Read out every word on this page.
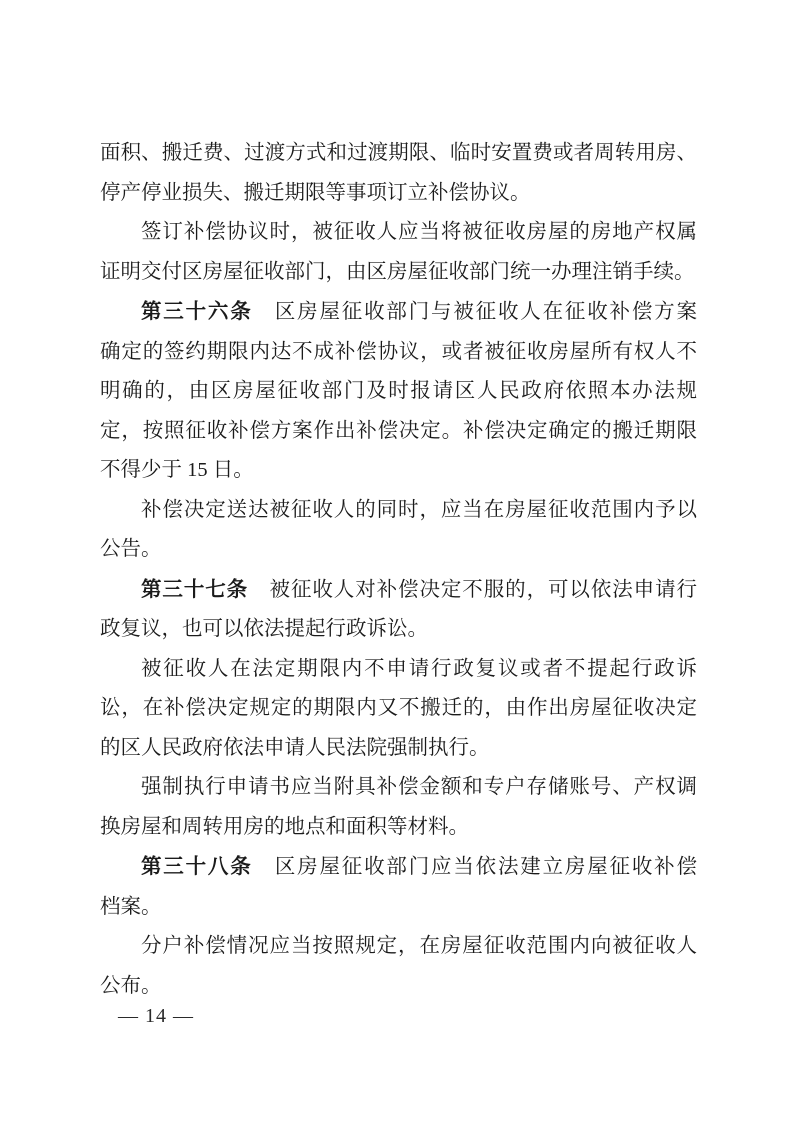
面积、搬迁费、过渡方式和过渡期限、临时安置费或者周转用房、
停产停业损失、搬迁期限等事项订立补偿协议。
签订补偿协议时，被征收人应当将被征收房屋的房地产权属
证明交付区房屋征收部门，由区房屋征收部门统一办理注销手续。
第三十六条　区房屋征收部门与被征收人在征收补偿方案
确定的签约期限内达不成补偿协议，或者被征收房屋所有权人不
明确的，由区房屋征收部门及时报请区人民政府依照本办法规
定，按照征收补偿方案作出补偿决定。补偿决定确定的搬迁期限
不得少于 15 日。
补偿决定送达被征收人的同时，应当在房屋征收范围内予以
公告。
第三十七条　被征收人对补偿决定不服的，可以依法申请行
政复议，也可以依法提起行政诉讼。
被征收人在法定期限内不申请行政复议或者不提起行政诉
讼，在补偿决定规定的期限内又不搬迁的，由作出房屋征收决定
的区人民政府依法申请人民法院强制执行。
强制执行申请书应当附具补偿金额和专户存储账号、产权调
换房屋和周转用房的地点和面积等材料。
第三十八条　区房屋征收部门应当依法建立房屋征收补偿
档案。
分户补偿情况应当按照规定，在房屋征收范围内向被征收人
公布。
— 14 —
